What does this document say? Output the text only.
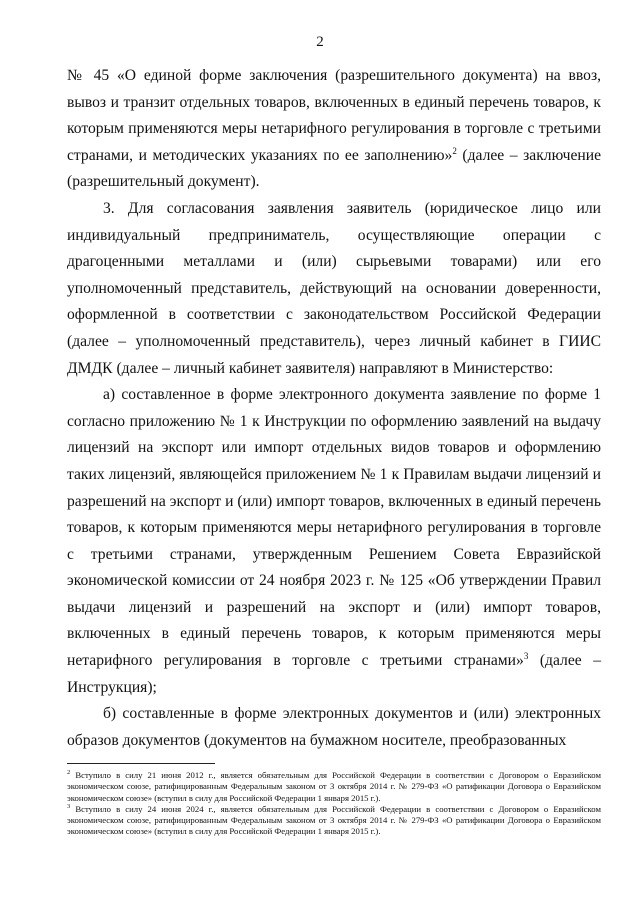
2

№ 45 «О единой форме заключения (разрешительного документа) на ввоз, вывоз и транзит отдельных товаров, включенных в единый перечень товаров, к которым применяются меры нетарифного регулирования в торговле с третьими странами, и методических указаниях по ее заполнению»$^2$ (далее – заключение (разрешительный документ).

3. Для согласования заявления заявитель (юридическое лицо или индивидуальный предприниматель, осуществляющие операции с драгоценными металлами и (или) сырьевыми товарами) или его уполномоченный представитель, действующий на основании доверенности, оформленной в соответствии с законодательством Российской Федерации (далее – уполномоченный представитель), через личный кабинет в ГИИС ДМДК (далее – личный кабинет заявителя) направляют в Министерство:

а) составленное в форме электронного документа заявление по форме 1 согласно приложению № 1 к Инструкции по оформлению заявлений на выдачу лицензий на экспорт или импорт отдельных видов товаров и оформлению таких лицензий, являющейся приложением № 1 к Правилам выдачи лицензий и разрешений на экспорт и (или) импорт товаров, включенных в единый перечень товаров, к которым применяются меры нетарифного регулирования в торговле с третьими странами, утвержденным Решением Совета Евразийской экономической комиссии от 24 ноября 2023 г. № 125 «Об утверждении Правил выдачи лицензий и разрешений на экспорт и (или) импорт товаров, включенных в единый перечень товаров, к которым применяются меры нетарифного регулирования в торговле с третьими странами»$^3$ (далее – Инструкция);

б) составленные в форме электронных документов и (или) электронных образов документов (документов на бумажном носителе, преобразованных

$^2$ Вступило в силу 21 июня 2012 г., является обязательным для Российской Федерации в соответствии с Договором о Евразийском экономическом союзе, ратифицированным Федеральным законом от 3 октября 2014 г. № 279-ФЗ «О ратификации Договора о Евразийском экономическом союзе» (вступил в силу для Российской Федерации 1 января 2015 г.).

$^3$ Вступило в силу 24 июня 2024 г., является обязательным для Российской Федерации в соответствии с Договором о Евразийском экономическом союзе, ратифицированным Федеральным законом от 3 октября 2014 г. № 279-ФЗ «О ратификации Договора о Евразийском экономическом союзе» (вступил в силу для Российской Федерации 1 января 2015 г.).
